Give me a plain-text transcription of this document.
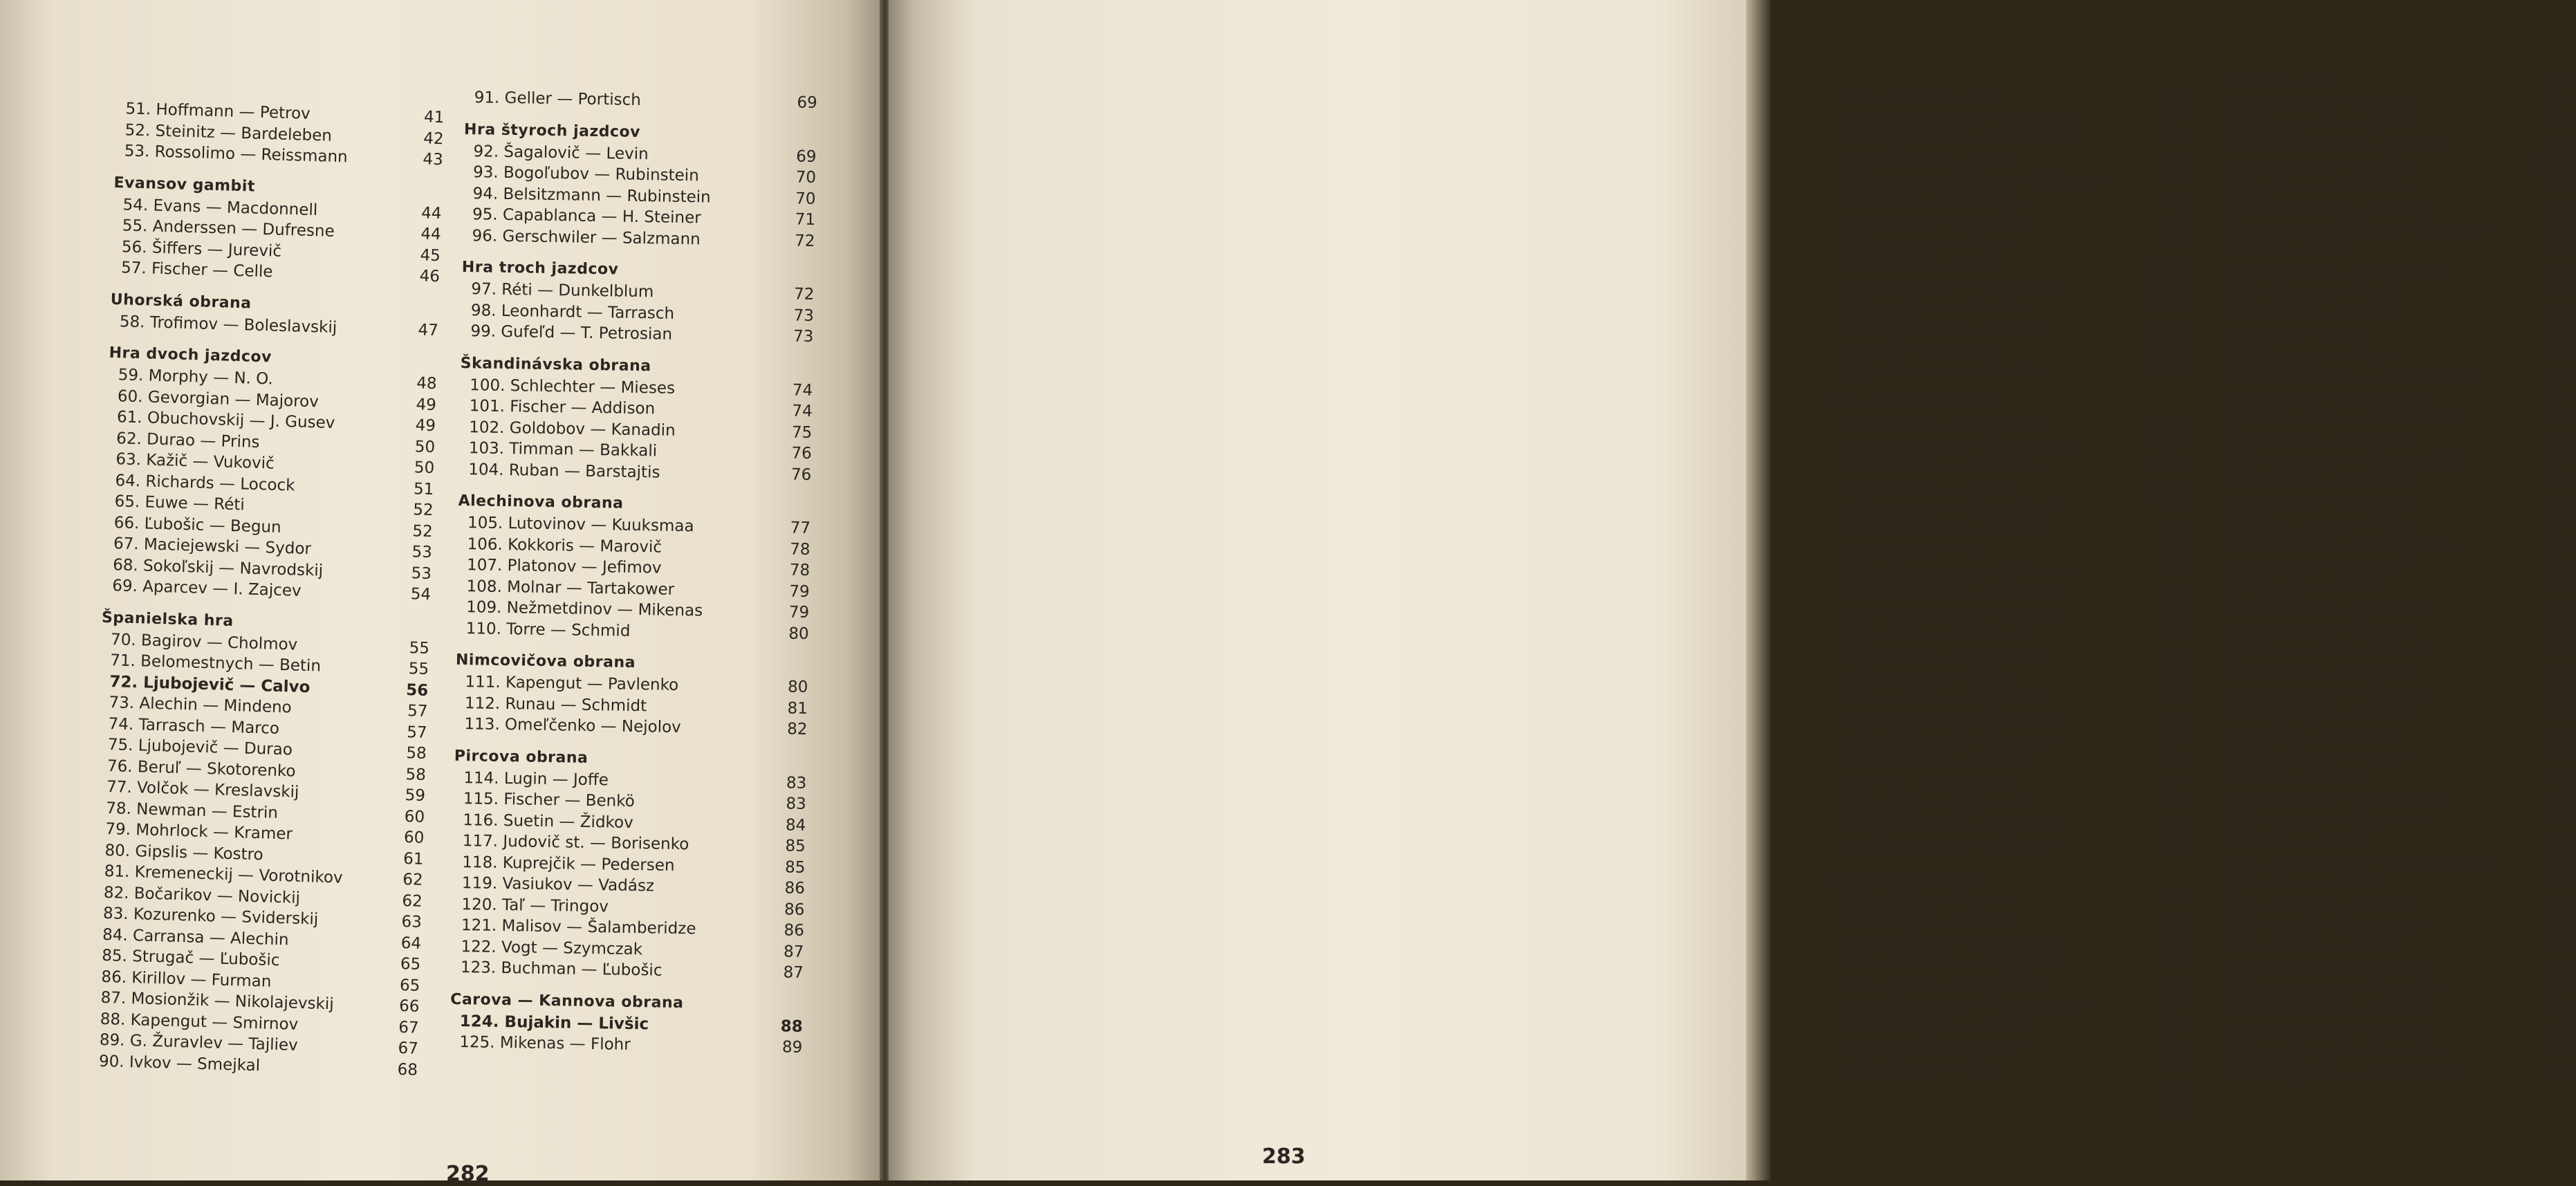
51. Hoffmann — Petrov	41
52. Steinitz — Bardeleben	42
53. Rossolimo — Reissmann	43
Evansov gambit
54. Evans — Macdonnell	44
55. Anderssen — Dufresne	44
56. Šiffers — Jurevič	45
57. Fischer — Celle	46
Uhorská obrana
58. Trofimov — Boleslavskij	47
Hra dvoch jazdcov
59. Morphy — N. O.	48
60. Gevorgian — Majorov	49
61. Obuchovskij — J. Gusev	49
62. Durao — Prins	50
63. Kažič — Vukovič	50
64. Richards — Locock	51
65. Euwe — Réti	52
66. Ľubošic — Begun	52
67. Maciejewski — Sydor	53
68. Sokoľskij — Navrodskij	53
69. Aparcev — I. Zajcev	54
Španielska hra
70. Bagirov — Cholmov	55
71. Belomestnych — Betin	55
72. Ljubojevič — Calvo	56
73. Alechin — Mindeno	57
74. Tarrasch — Marco	57
75. Ljubojevič — Durao	58
76. Beruľ — Skotorenko	58
77. Volčok — Kreslavskij	59
78. Newman — Estrin	60
79. Mohrlock — Kramer	60
80. Gipslis — Kostro	61
81. Kremeneckij — Vorotnikov	62
82. Bočarikov — Novickij	62
83. Kozurenko — Sviderskij	63
84. Carransa — Alechin	64
85. Strugač — Ľubošic	65
86. Kirillov — Furman	65
87. Mosionžik — Nikolajevskij	66
88. Kapengut — Smirnov	67
89. G. Žuravlev — Tajliev	67
90. Ivkov — Smejkal	68
91. Geller — Portisch	69
Hra štyroch jazdcov
92. Šagalovič — Levin	69
93. Bogoľubov — Rubinstein	70
94. Belsitzmann — Rubinstein	70
95. Capablanca — H. Steiner	71
96. Gerschwiler — Salzmann	72
Hra troch jazdcov
97. Réti — Dunkelblum	72
98. Leonhardt — Tarrasch	73
99. Gufeľd — T. Petrosian	73
Škandinávska obrana
100. Schlechter — Mieses	74
101. Fischer — Addison	74
102. Goldobov — Kanadin	75
103. Timman — Bakkali	76
104. Ruban — Barstajtis	76
Alechinova obrana
105. Lutovinov — Kuuksmaa	77
106. Kokkoris — Marovič	78
107. Platonov — Jefimov	78
108. Molnar — Tartakower	79
109. Nežmetdinov — Mikenas	79
110. Torre — Schmid	80
Nimcovičova obrana
111. Kapengut — Pavlenko	80
112. Runau — Schmidt	81
113. Omeľčenko — Nejolov	82
Pircova obrana
114. Lugin — Joffe	83
115. Fischer — Benkö	83
116. Suetin — Židkov	84
117. Judovič st. — Borisenko	85
118. Kuprejčik — Pedersen	85
119. Vasiukov — Vadász	86
120. Taľ — Tringov	86
121. Malisov — Šalamberidze	86
122. Vogt — Szymczak	87
123. Buchman — Ľubošic	87
Carova — Kannova obrana
124. Bujakin — Livšic	88
125. Mikenas — Flohr	89
282
126. I. Zajcev — NN	94
127. Mark Cejtlin — Kruťanskij	95
128. Spielmann — Tartakower	96
129. Schuster — Carls	97
130. Gaprindašviliová — Birbrager	97
131. Bilek — Bronštejn	98
132. Rauzer — Veresov	98
133. Jevsejev — Flohr	99
134. Rovner — Žilin	100
135. Kuprejčik — Castiglioni	100
136. Lutikov — Gavrilov	101
137. Spielmann — Walter	102
138. Taľ — Smyslov	102
139. Kuznecov — Pavlov	103
Francúzska obrana
140. Petrov — Szymanski	104
141. Ostrovskij — Šestoperov	104
142. Bilenko — Kajdanov	105
143. Planinc — Ivkov	106
144. Fedorov — Bujvidovič	106
145. Dementej — Kijaško	107
146. Fischer — Taľ	108
147. Boleslavskij — Ufimcev	108
148. Lohmann — Teschner	109
149. Mich. Cejtlin — Osipov	110
150. Kotov — Kalmanok	110
151. Kaplan — Bronštejn	111
152. Glauser — Keller	111
153. Ľubošic — Šagalovič	112
154. Polikarpov — Krupskij	113
155. Ceškovskij — Šofman	113
156. Kofman — Polozok	114
157. Taľ — Uhlmann	114
158. Šašin — Daškevič	115
159. Janoševič — Ugrinovič	116
160. Ljubojevič — Vagaňan	116
Sicílska obrana
161. Müller — Aronin	117
162. Nagy — Balogh	118
163. Lokasto — Zakrzewski	118
164. Aniščenko — Dydyško	119
165. Dubek — Weinstein	119
166. Goľdenov — Mnacakaňan	120
167. Gragger — Honfi	120
168. Grečkin — Sajgin	121
169. Zlotnik — Gik	122
123
123
170. Taľ — NN	124
171. Litvinov — Rojzman	124
172. Šagalovič — Gufeľd	125
173. Mnacakaňan — Veresov	126
174. Murzin — Livšic	126
175. Juferov — Grozdov	127
176. Šijanovskij — Gufeľd	128
177. Gaprindašviliová — Servaty	128
178. Taľ — Bilek	129
179. Spasskij — T. Petrosian	130
180. Milvidas — Marek	131
181. Parma — Balašov	131
182. Luna — Cano	132
183. Bereziuk — Ižnin	133
184. Boleslavskij — Gurgenidze	133
185. Kotkov — Tatarincev	134
186. Želandinov — Bokučava	134
187. Richter — Wagner	135
188. Nadeždin — Boleslavskij	136
189. Martius — Dueball	136
190. Muchin — Čečeľan	137
191. Em. Lasker — Pirc	138
192. Smyslov — K. Grigorian	139
193. Kuzmin — Furman	139
194. Suetin — Hulak	140
195. Nejkirch — Botvinnik	141
196. Krivov — Upart	141
197. Beni — Schwarzbach	142
198. Fischer — Rubinetti	143
199. Korzubov — Orechov	144
200. Kuprejčik — Babev	144
201. Štejn — Portisch	145
202. Zuidema — Ivkov	146
203. Taľ — Suetin	146
204. Olafsson — Quinteros	147
205. Kuzmin — Svešnikov	148
206. Pak — Platov	148
207. Rakowecki — Wojcieszyn	149
208. Keres — Winter	149
209. Litvinov — Ľubošic	150
210. Misnik — Ščerbickij	151
211. Lutikov — Osnos	151
212. Aronin — Kantorovič	152
213. Andersson — Portisch	152
214. Karaklajič — Nikolič	153
215. Ermenkov — Spasov	154
216. Littlewood — Twardon	154
217. Grigoriev — Panikovskij	155
283
